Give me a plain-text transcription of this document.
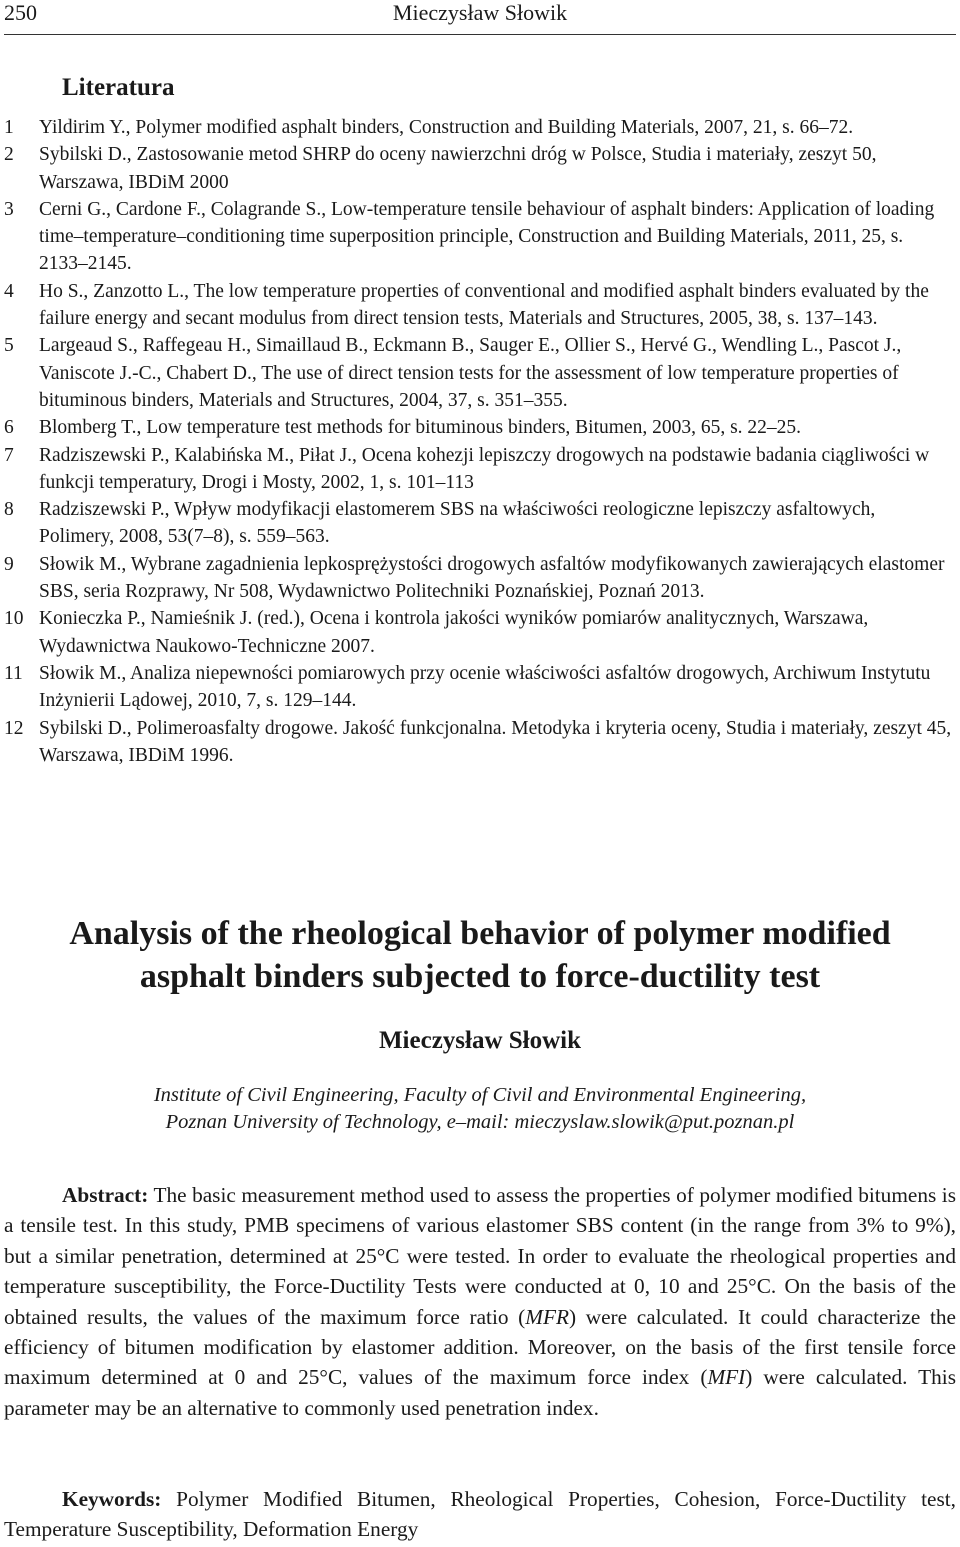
250	Mieczysław Słowik
Literatura
1 Yildirim Y., Polymer modified asphalt binders, Construction and Building Materials, 2007, 21, s. 66–72.
2 Sybilski D., Zastosowanie metod SHRP do oceny nawierzchni dróg w Polsce, Studia i materiały, zeszyt 50, Warszawa, IBDiM 2000
3 Cerni G., Cardone F., Colagrande S., Low-temperature tensile behaviour of asphalt binders: Application of loading time–temperature–conditioning time superposition principle, Construction and Building Materials, 2011, 25, s. 2133–2145.
4 Ho S., Zanzotto L., The low temperature properties of conventional and modified asphalt binders evaluated by the failure energy and secant modulus from direct tension tests, Materials and Structures, 2005, 38, s. 137–143.
5 Largeaud S., Raffegeau H., Simaillaud B., Eckmann B., Sauger E., Ollier S., Hervé G., Wendling L., Pascot J., Vaniscote J.-C., Chabert D., The use of direct tension tests for the assessment of low temperature properties of bituminous binders, Materials and Structures, 2004, 37, s. 351–355.
6 Blomberg T., Low temperature test methods for bituminous binders, Bitumen, 2003, 65, s. 22–25.
7 Radziszewski P., Kalabińska M., Piłat J., Ocena kohezji lepiszczy drogowych na podstawie badania ciągliwości w funkcji temperatury, Drogi i Mosty, 2002, 1, s. 101–113
8 Radziszewski P., Wpływ modyfikacji elastomerem SBS na właściwości reologiczne lepiszczy asfaltowych, Polimery, 2008, 53(7–8), s. 559–563.
9 Słowik M., Wybrane zagadnienia lepkosprężystości drogowych asfaltów modyfikowanych zawierających elastomer SBS, seria Rozprawy, Nr 508, Wydawnictwo Politechniki Poznańskiej, Poznań 2013.
10 Konieczka P., Namieśnik J. (red.), Ocena i kontrola jakości wyników pomiarów analitycznych, Warszawa, Wydawnictwa Naukowo-Techniczne 2007.
11 Słowik M., Analiza niepewności pomiarowych przy ocenie właściwości asfaltów drogowych, Archiwum Instytutu Inżynierii Lądowej, 2010, 7, s. 129–144.
12 Sybilski D., Polimeroasfalty drogowe. Jakość funkcjonalna. Metodyka i kryteria oceny, Studia i materiały, zeszyt 45, Warszawa, IBDiM 1996.
Analysis of the rheological behavior of polymer modified
asphalt binders subjected to force-ductility test
Mieczysław Słowik
Institute of Civil Engineering, Faculty of Civil and Environmental Engineering,
Poznan University of Technology, e–mail: mieczyslaw.slowik@put.poznan.pl
Abstract: The basic measurement method used to assess the properties of polymer modified bitumens is a tensile test. In this study, PMB specimens of various elastomer SBS content (in the range from 3% to 9%), but a similar penetration, determined at 25°C were tested. In order to evaluate the rheological properties and temperature susceptibility, the Force-Ductility Tests were conducted at 0, 10 and 25°C. On the basis of the obtained results, the values of the maximum force ratio (MFR) were calculated. It could characterize the efficiency of bitumen modification by elastomer addition. Moreover, on the basis of the first tensile force maximum determined at 0 and 25°C, values of the maximum force index (MFI) were calculated. This parameter may be an alternative to commonly used penetration index.
Keywords: Polymer Modified Bitumen, Rheological Properties, Cohesion, Force-Ductility test, Temperature Susceptibility, Deformation Energy
